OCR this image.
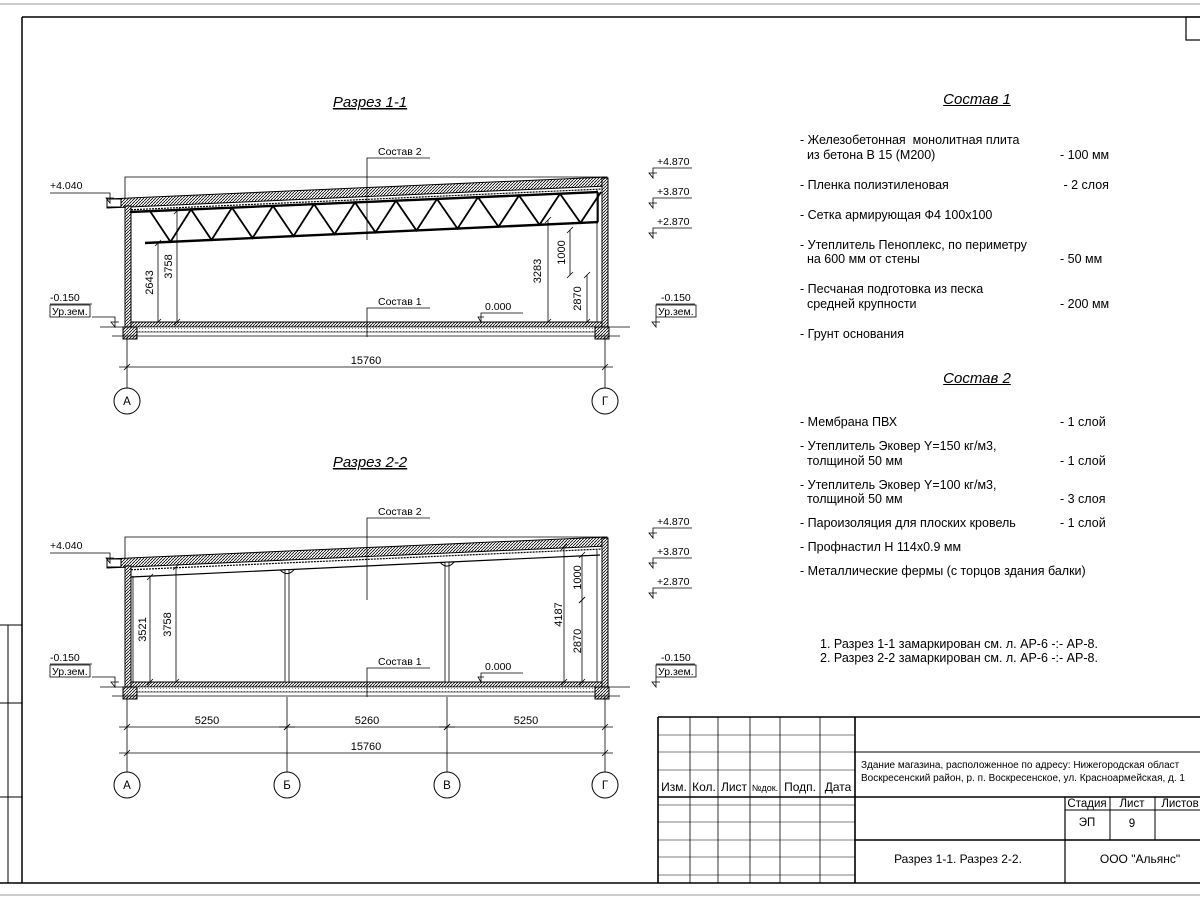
Разрез 1-1
Состав 2
Состав 1	0.000
+4.040
-0.150
Ур.зем.
+4.870
+3.870
+2.870
-0.150
Ур.зем.
2643
3758	3283
1000
2870
А	Г
15760
Разрез 2-2
Состав 2
Состав 1	0.000
+4.040
-0.150
Ур.зем.
+4.870
+3.870
+2.870
-0.150
Ур.зем.
3521 3758	4187
1000
2870
А	Б	В	Г
5250	5260	5250
15760
Изм. Кол. Лист №док. Подп. Дата
Здание магазина, расположенное по адресу: Нижегородская област
Воскресенский район, р. п. Воскресенское, ул. Красноармейская, д. 1
Стадия Лист Листов
ЭП	9
Разрез 1-1. Разрез 2-2.	ООО "Альянс"
Состав 1
- Железобетонная  монолитная плита
из бетона В 15 (М200)	- 100 мм
- Пленка полиэтиленовая	- 2 слоя
- Сетка армирующая Ф4 100х100
- Утеплитель Пеноплекс, по периметру
на 600 мм от стены	- 50 мм
- Песчаная подготовка из песка
средней крупности	- 200 мм
- Грунт основания
Состав 2
- Мембрана ПВХ	- 1 слой
- Утеплитель Эковер Y=150 кг/м3,
толщиной 50 мм	- 1 слой
- Утеплитель Эковер Y=100 кг/м3,
толщиной 50 мм	- 3 слоя
- Пароизоляция для плоских кровель	- 1 слой
- Профнастил Н 114х0.9 мм
- Металлические фермы (с торцов здания балки)
1. Разрез 1-1 замаркирован см. л. АР-6 -:- АР-8.
2. Разрез 2-2 замаркирован см. л. АР-6 -:- АР-8.
